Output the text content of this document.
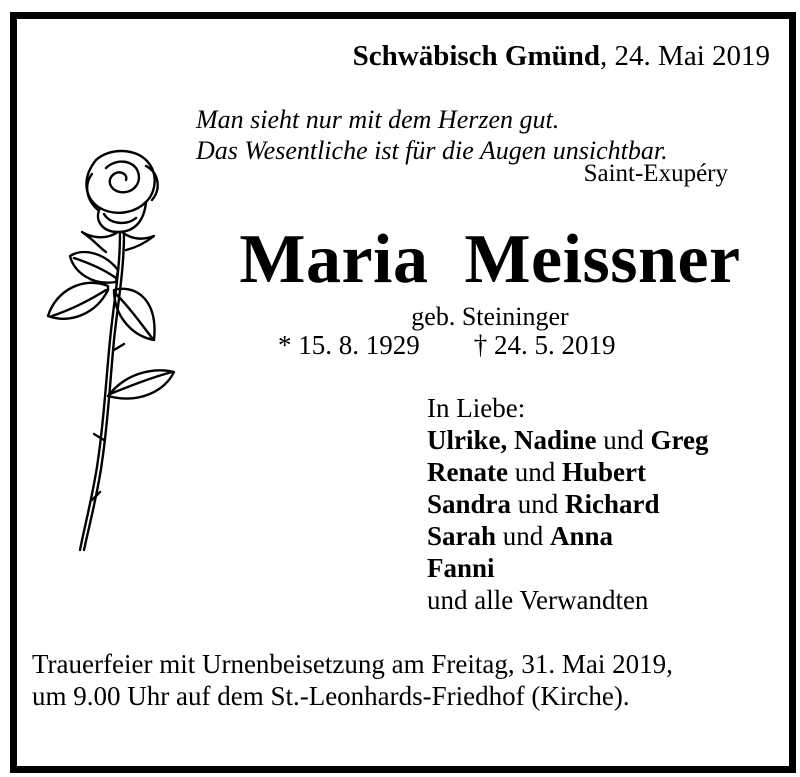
Schwäbisch Gmünd, 24. Mai 2019
Man sieht nur mit dem Herzen gut.
Das Wesentliche ist für die Augen unsichtbar.
Saint-Exupéry
Maria Meissner
geb. Steininger
* 15. 8. 1929 † 24. 5. 2019
In Liebe:
Ulrike, Nadine und Greg
Renate und Hubert
Sandra und Richard
Sarah und Anna
Fanni
und alle Verwandten
Trauerfeier mit Urnenbeisetzung am Freitag, 31. Mai 2019,
um 9.00 Uhr auf dem St.-Leonhards-Friedhof (Kirche).
